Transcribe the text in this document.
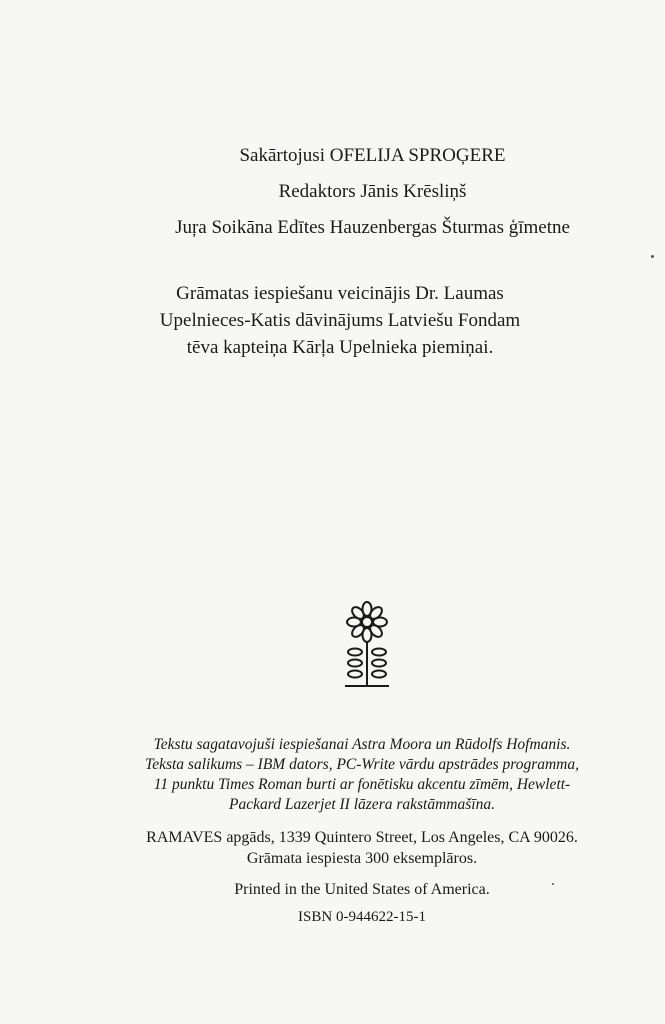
Sakārtojusi OFELIJA SPROĢERE
Redaktors Jānis Krēsliņš
Juŗa Soikāna Edītes Hauzenbergas Šturmas ģīmetne
Grāmatas iespiešanu veicinājis Dr. Laumas
Upelnieces-Katis dāvinājums Latviešu Fondam
tēva kapteiņa Kārļa Upelnieka piemiņai.
Tekstu sagatavojuši iespiešanai Astra Moora un Rūdolfs Hofmanis.
Teksta salikums – IBM dators, PC-Write vārdu apstrādes programma,
11 punktu Times Roman burti ar fonētisku akcentu zīmēm, Hewlett-
Packard Lazerjet II lāzera rakstāmmašīna.
RAMAVES apgāds, 1339 Quintero Street, Los Angeles, CA 90026.
Grāmata iespiesta 300 eksemplāros.
Printed in the United States of America.
ISBN 0-944622-15-1
